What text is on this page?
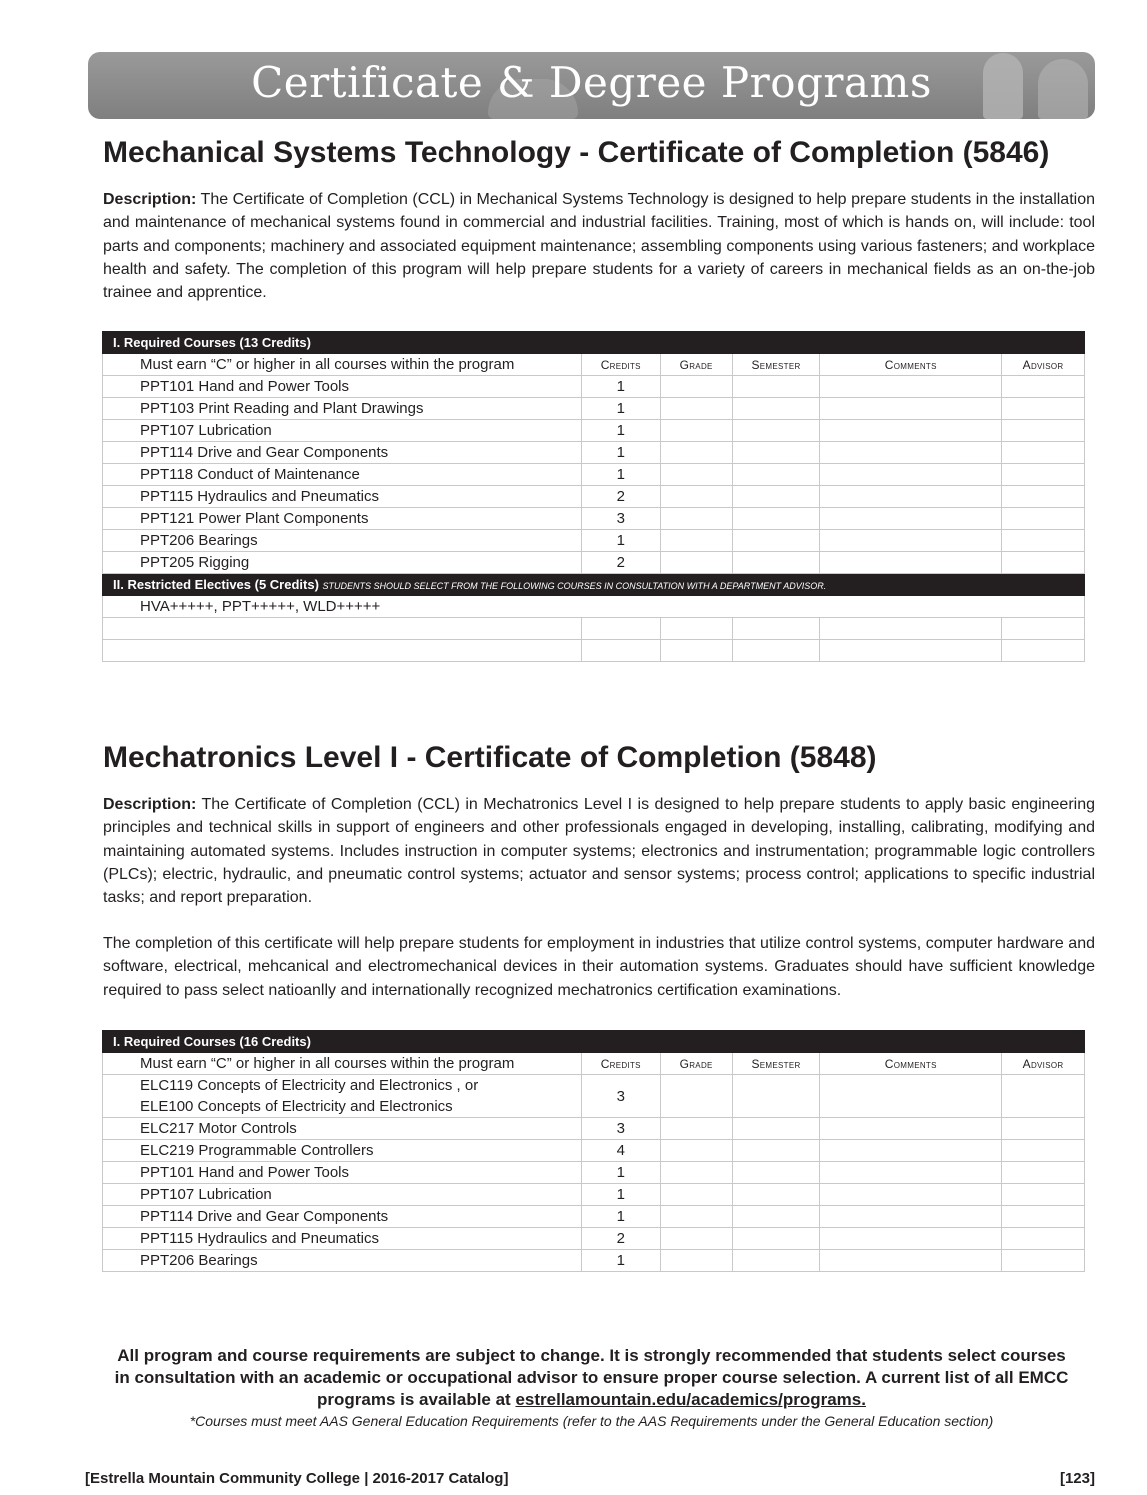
Certificate & Degree Programs
Mechanical Systems Technology - Certificate of Completion (5846)
Description: The Certificate of Completion (CCL) in Mechanical Systems Technology is designed to help prepare students in the installation and maintenance of mechanical systems found in commercial and industrial facilities. Training, most of which is hands on, will include: tool parts and components; machinery and associated equipment maintenance; assembling components using various fasteners; and workplace health and safety. The completion of this program will help prepare students for a variety of careers in mechanical fields as an on-the-job trainee and apprentice.
I. Required Courses (13 Credits)					
Must earn “C” or higher in all courses within the program	Credits	Grade	Semester	Comments	Advisor
PPT101 Hand and Power Tools	1				
PPT103 Print Reading and Plant Drawings	1				
PPT107 Lubrication	1				
PPT114 Drive and Gear Components	1				
PPT118 Conduct of Maintenance	1				
PPT115 Hydraulics and Pneumatics	2				
PPT121 Power Plant Components	3				
PPT206 Bearings	1				
PPT205 Rigging	2				
II. Restricted Electives (5 Credits) STUDENTS SHOULD SELECT FROM THE FOLLOWING COURSES IN CONSULTATION WITH A DEPARTMENT ADVISOR.					
HVA+++++, PPT+++++, WLD+++++					

Mechatronics Level I - Certificate of Completion (5848)
Description: The Certificate of Completion (CCL) in Mechatronics Level I is designed to help prepare students to apply basic engineering principles and technical skills in support of engineers and other professionals engaged in developing, installing, calibrating, modifying and maintaining automated systems. Includes instruction in computer systems; electronics and instrumentation; programmable logic controllers (PLCs); electric, hydraulic, and pneumatic control systems; actuator and sensor systems; process control; applications to specific industrial tasks; and report preparation.
The completion of this certificate will help prepare students for employment in industries that utilize control systems, computer hardware and software, electrical, mehcanical and electromechanical devices in their automation systems. Graduates should have sufficient knowledge required to pass select natioanlly and internationally recognized mechatronics certification examinations.
I. Required Courses (16 Credits)					
Must earn “C” or higher in all courses within the program	Credits	Grade	Semester	Comments	Advisor

ELC119 Concepts of Electricity and Electronics , or
ELE100 Concepts of Electricity and Electronics	3				
ELC217 Motor Controls	3				
ELC219 Programmable Controllers	4				
PPT101 Hand and Power Tools	1				
PPT107 Lubrication	1				
PPT114 Drive and Gear Components	1				
PPT115 Hydraulics and Pneumatics	2				
PPT206 Bearings	1				
All program and course requirements are subject to change. It is strongly recommended that students select courses
in consultation with an academic or occupational advisor to ensure proper course selection. A current list of all EMCC
programs is available at estrellamountain.edu/academics/programs.
*Courses must meet AAS General Education Requirements (refer to the AAS Requirements under the General Education section)
[Estrella Mountain Community College | 2016-2017 Catalog]	[123]
